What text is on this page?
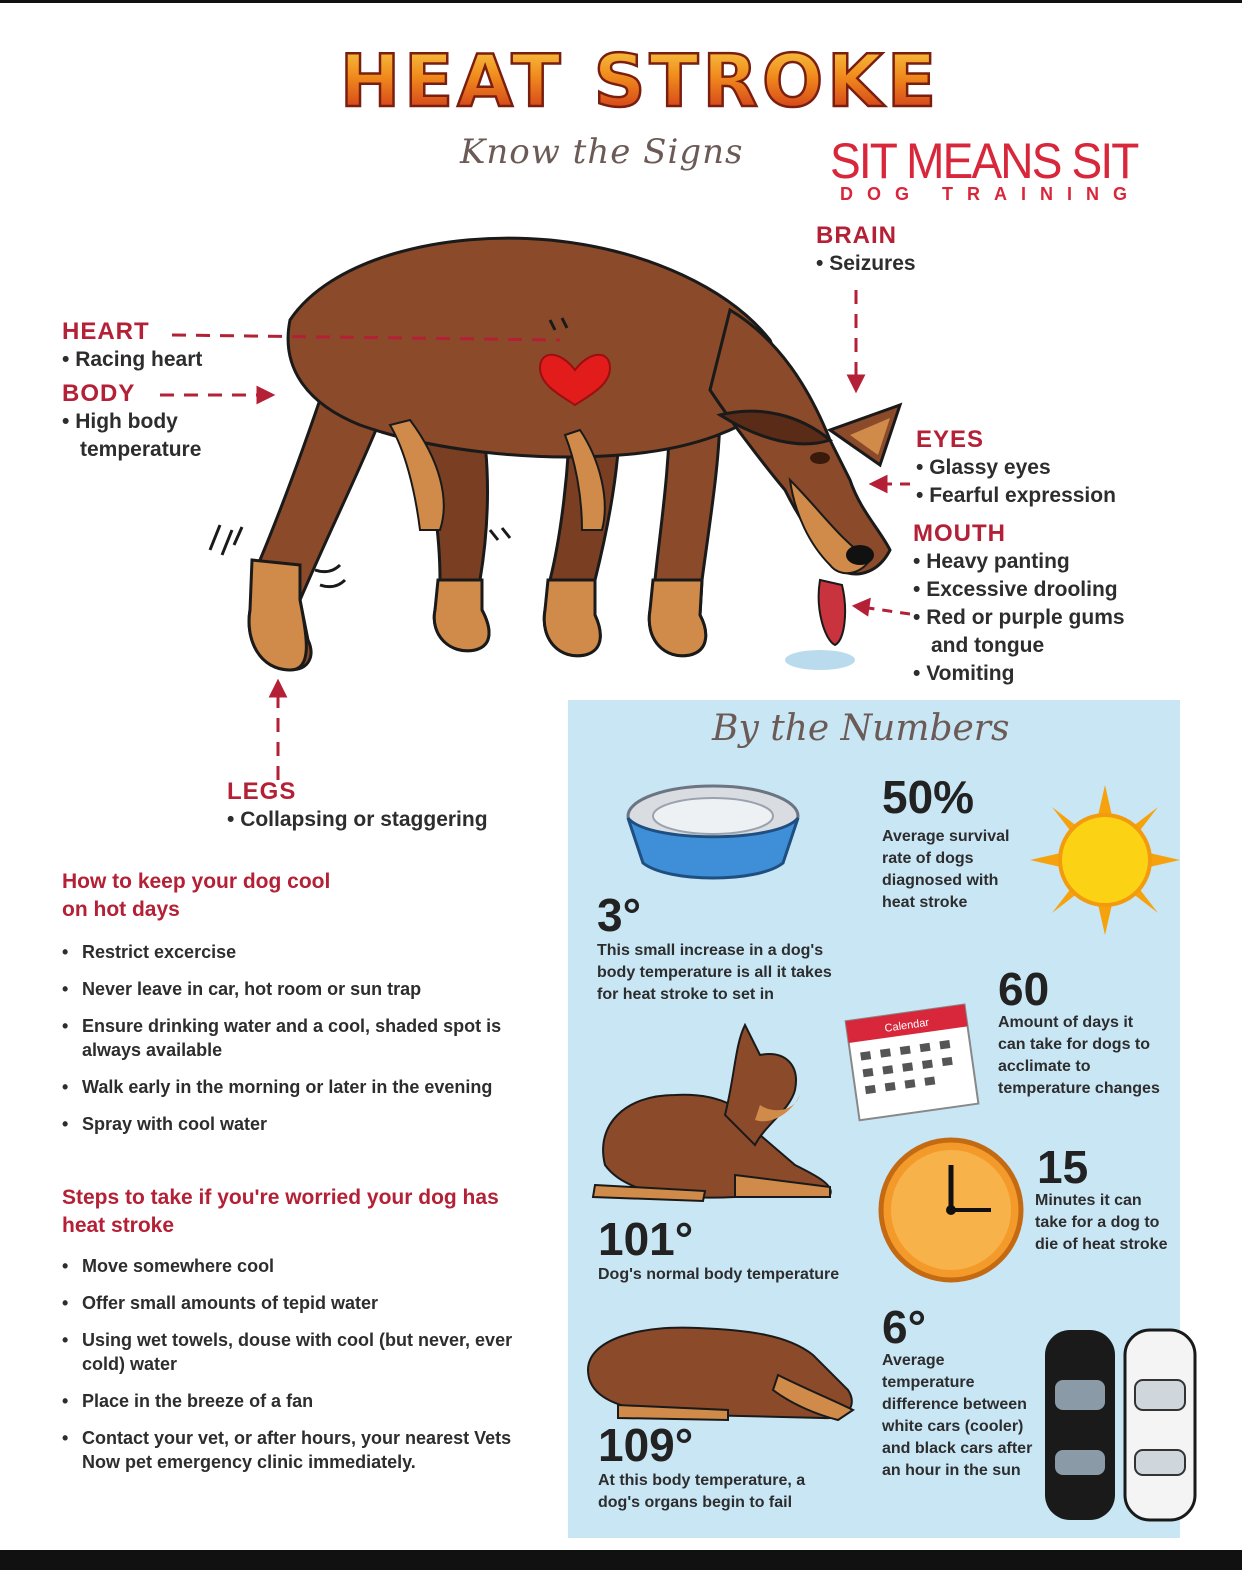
HEAT STROKE
Know the Signs SIT MEANS SIT
DOG TRAINING
HEART
• Racing heart
BODY
• High body
temperature
BRAIN
• Seizures
EYES
• Glassy eyes
• Fearful expression
MOUTH
• Heavy panting
• Excessive drooling
• Red or purple gums
and tongue
• Vomiting
LEGS
• Collapsing or staggering
How to keep your dog cool on hot days
• Restrict excercise
• Never leave in car, hot room or sun trap
• Ensure drinking water and a cool, shaded spot is always available
• Walk early in the morning or later in the evening
• Spray with cool water
Steps to take if you're worried your dog has heat stroke
• Move somewhere cool
• Offer small amounts of tepid water
• Using wet towels, douse with cool (but never, ever cold) water
• Place in the breeze of a fan
• Contact your vet, or after hours, your nearest Vets Now pet emergency clinic immediately.
By the Numbers
50%
Average survival rate of dogs diagnosed with heat stroke
3°
This small increase in a dog's body temperature is all it takes for heat stroke to set in
Calendar
60
Amount of days it can take for dogs to acclimate to temperature changes
101°
Dog's normal body temperature
15
Minutes it can take for a dog to die of heat stroke
6°
Average temperature difference between white cars (cooler) and black cars after an hour in the sun
109°
At this body temperature, a dog's organs begin to fail
